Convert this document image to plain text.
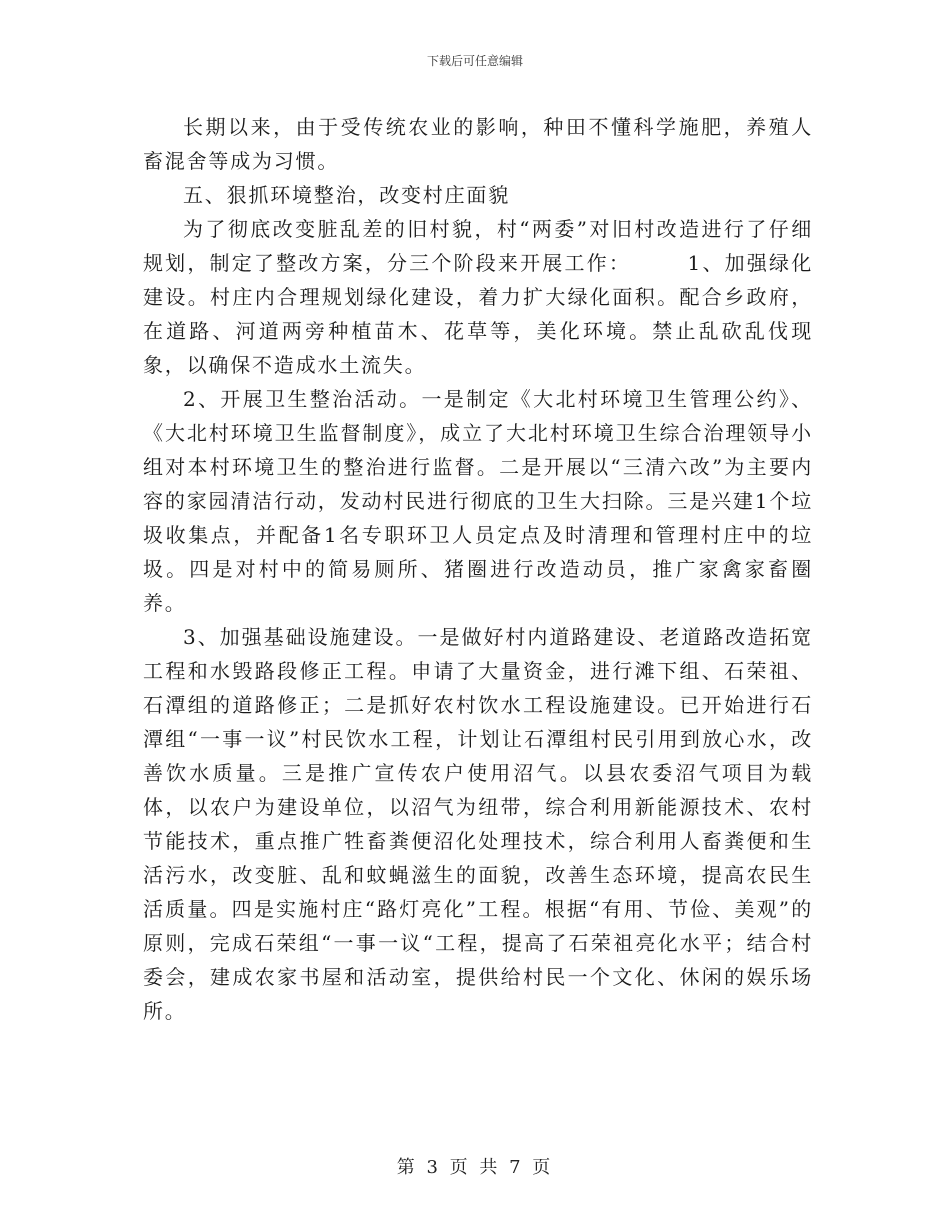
下载后可任意编辑

长期以来，由于受传统农业的影响，种田不懂科学施肥，养殖人畜混舍等成为习惯。

五、狠抓环境整治，改变村庄面貌

为了彻底改变脏乱差的旧村貌，村“两委”对旧村改造进行了仔细规划，制定了整改方案，分三个阶段来开展工作：　　　1、加强绿化建设。村庄内合理规划绿化建设，着力扩大绿化面积。配合乡政府，在道路、河道两旁种植苗木、花草等，美化环境。禁止乱砍乱伐现象，以确保不造成水土流失。

2、开展卫生整治活动。一是制定《大北村环境卫生管理公约》、《大北村环境卫生监督制度》，成立了大北村环境卫生综合治理领导小组对本村环境卫生的整治进行监督。二是开展以“三清六改”为主要内容的家园清洁行动，发动村民进行彻底的卫生大扫除。三是兴建1个垃圾收集点，并配备1名专职环卫人员定点及时清理和管理村庄中的垃圾。四是对村中的简易厕所、猪圈进行改造动员，推广家禽家畜圈养。

3、加强基础设施建设。一是做好村内道路建设、老道路改造拓宽工程和水毁路段修正工程。申请了大量资金，进行滩下组、石荣祖、石潭组的道路修正；二是抓好农村饮水工程设施建设。已开始进行石潭组“一事一议”村民饮水工程，计划让石潭组村民引用到放心水，改善饮水质量。三是推广宣传农户使用沼气。以县农委沼气项目为载体，以农户为建设单位，以沼气为纽带，综合利用新能源技术、农村节能技术，重点推广牲畜粪便沼化处理技术，综合利用人畜粪便和生活污水，改变脏、乱和蚊蝇滋生的面貌，改善生态环境，提高农民生活质量。四是实施村庄“路灯亮化”工程。根据“有用、节俭、美观”的原则，完成石荣组“一事一议“工程，提高了石荣祖亮化水平；结合村委会，建成农家书屋和活动室，提供给村民一个文化、休闲的娱乐场所。

第 3 页 共 7 页
